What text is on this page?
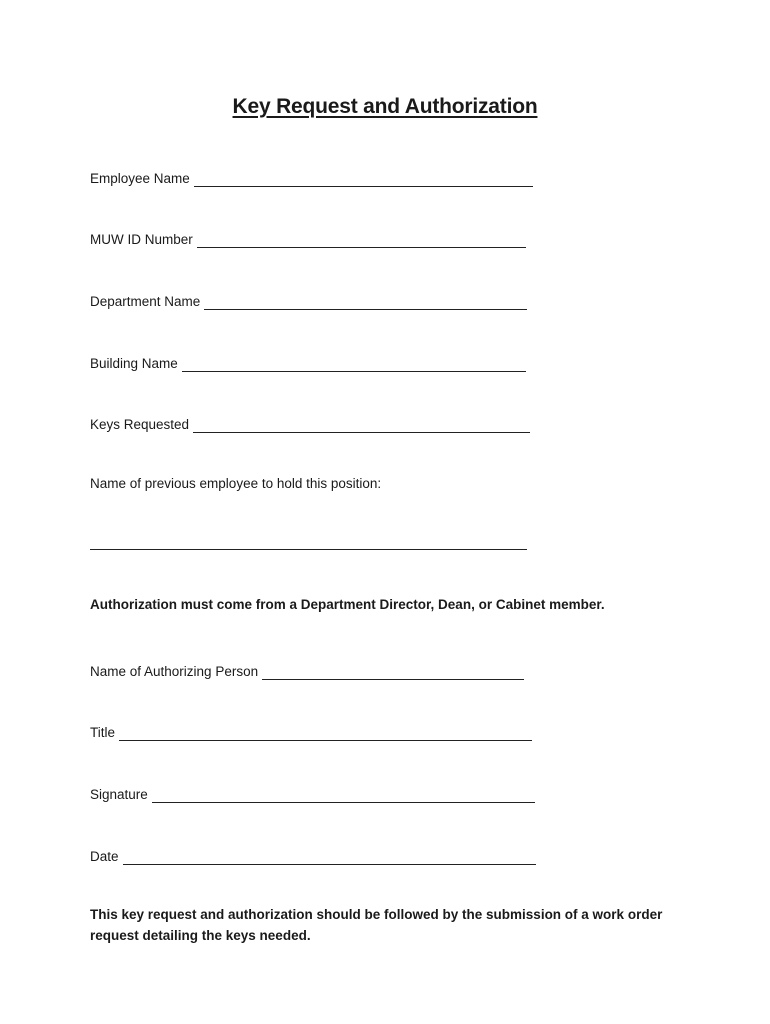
Key Request and Authorization
Employee Name
MUW ID Number
Department Name
Building Name
Keys Requested
Name of previous employee to hold this position:
Authorization must come from a Department Director, Dean, or Cabinet member.
Name of Authorizing Person
Title
Signature
Date
This key request and authorization should be followed by the submission of a work order request detailing the keys needed.
